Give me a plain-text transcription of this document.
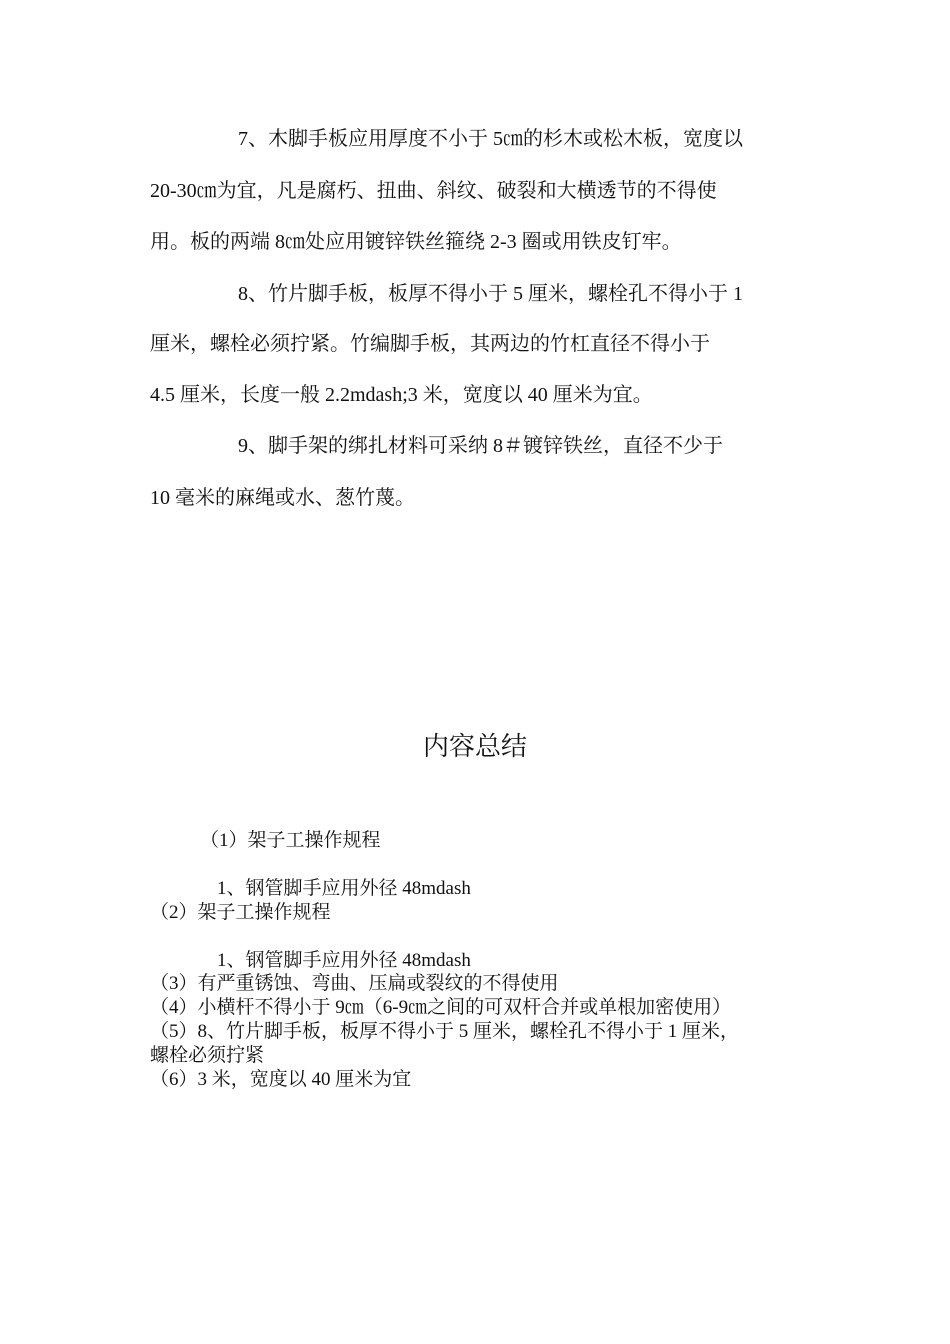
7、木脚手板应用厚度不小于 5㎝的杉木或松木板，宽度以
20-30㎝为宜，凡是腐朽、扭曲、斜纹、破裂和大横透节的不得使
用。板的两端 8㎝处应用镀锌铁丝箍绕 2-3 圈或用铁皮钉牢。
8、竹片脚手板，板厚不得小于 5 厘米，螺栓孔不得小于 1
厘米，螺栓必须拧紧。竹编脚手板，其两边的竹杠直径不得小于
4.5 厘米，长度一般 2.2mdash;3 米，宽度以 40 厘米为宜。
9、脚手架的绑扎材料可采纳 8＃镀锌铁丝，直径不少于
10 毫米的麻绳或水、葱竹蔑。
内容总结
（1）架子工操作规程
1、钢管脚手应用外径 48mdash
（2）架子工操作规程
1、钢管脚手应用外径 48mdash
（3）有严重锈蚀、弯曲、压扁或裂纹的不得使用
（4）小横杆不得小于 9㎝（6-9㎝之间的可双杆合并或单根加密使用）
（5）8、竹片脚手板，板厚不得小于 5 厘米，螺栓孔不得小于 1 厘米，
螺栓必须拧紧
（6）3 米，宽度以 40 厘米为宜
